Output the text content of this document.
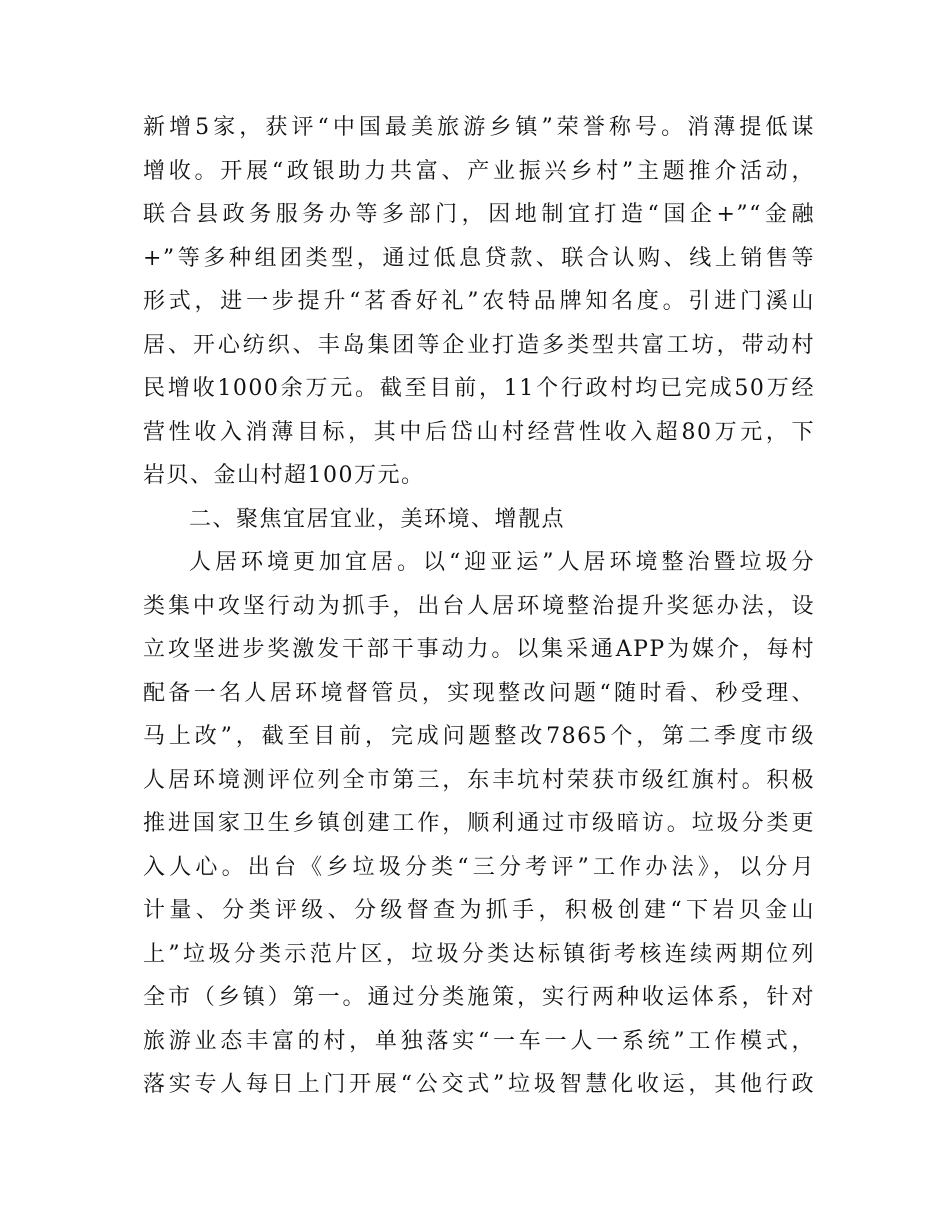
新增5家，获评“中国最美旅游乡镇”荣誉称号。消薄提低谋
增收。开展“政银助力共富、产业振兴乡村”主题推介活动，
联合县政务服务办等多部门，因地制宜打造“国企+”“金融
+”等多种组团类型，通过低息贷款、联合认购、线上销售等
形式，进一步提升“茗香好礼”农特品牌知名度。引进门溪山
居、开心纺织、丰岛集团等企业打造多类型共富工坊，带动村
民增收1000余万元。截至目前，11个行政村均已完成50万经
营性收入消薄目标，其中后岱山村经营性收入超80万元，下
岩贝、金山村超100万元。
二、聚焦宜居宜业，美环境、增靓点
人居环境更加宜居。以“迎亚运”人居环境整治暨垃圾分
类集中攻坚行动为抓手，出台人居环境整治提升奖惩办法，设
立攻坚进步奖激发干部干事动力。以集采通APP为媒介，每村
配备一名人居环境督管员，实现整改问题“随时看、秒受理、
马上改”，截至目前，完成问题整改7865个，第二季度市级
人居环境测评位列全市第三，东丰坑村荣获市级红旗村。积极
推进国家卫生乡镇创建工作，顺利通过市级暗访。垃圾分类更
入人心。出台《乡垃圾分类“三分考评”工作办法》，以分月
计量、分类评级、分级督查为抓手，积极创建“下岩贝金山
上”垃圾分类示范片区，垃圾分类达标镇街考核连续两期位列
全市（乡镇）第一。通过分类施策，实行两种收运体系，针对
旅游业态丰富的村，单独落实“一车一人一系统”工作模式，
落实专人每日上门开展“公交式”垃圾智慧化收运，其他行政
